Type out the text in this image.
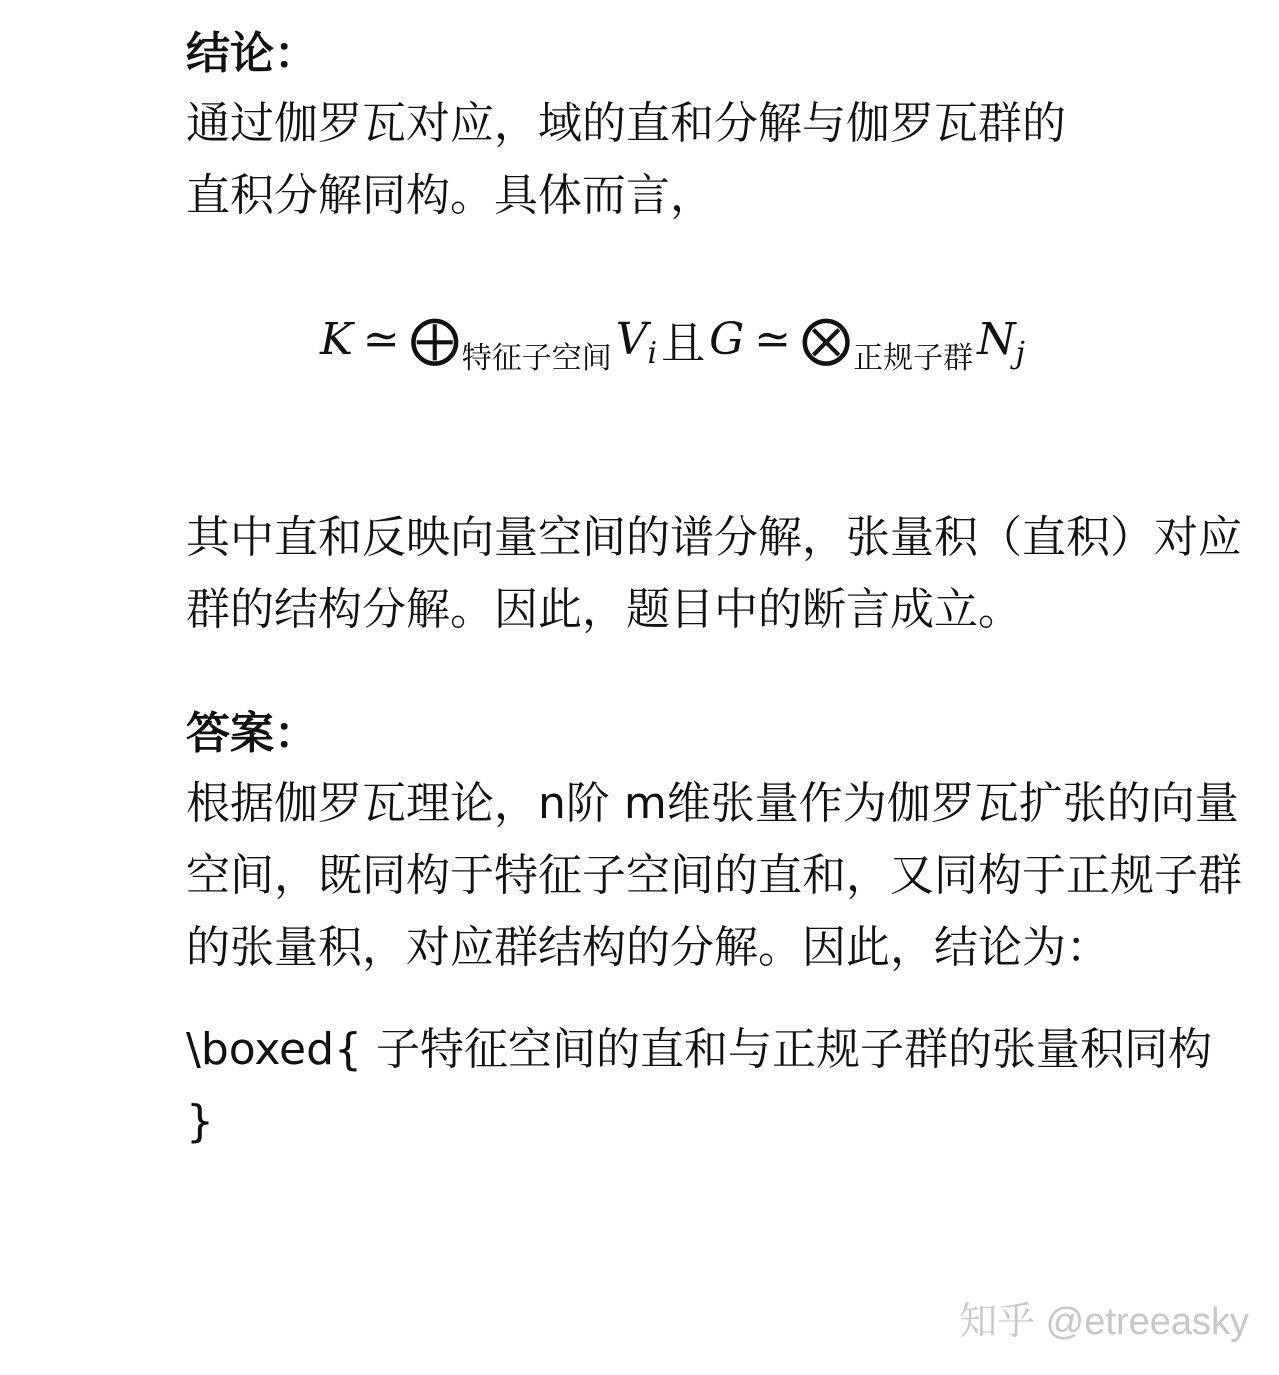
结论：

通过伽罗瓦对应，域的直和分解与伽罗瓦群的

直积分解同构。具体而言，

K ≃ ⨁ 特征子空间 V i 且 G ≃ ⨂ 正规子群 N j

其中直和反映向量空间的谱分解，张量积（直积）对应群的结构分解。因此，题目中的断言成立。

答案：

根据伽罗瓦理论，n阶 m维张量作为伽罗瓦扩张的向量空间，既同构于特征子空间的直和，又同构于正规子群的张量积，对应群结构的分解。因此，结论为：

\boxed{ 子特征空间的直和与正规子群的张量积同构 }

知乎 @etreeasky
